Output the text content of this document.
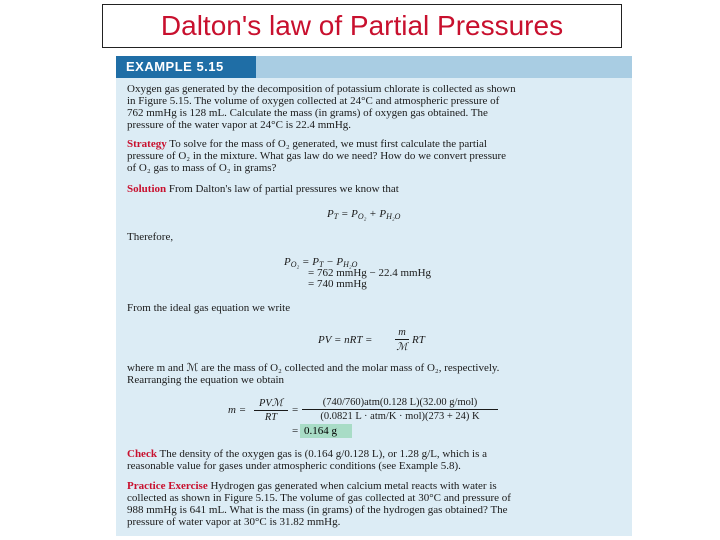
Dalton's law of Partial Pressures
EXAMPLE 5.15
Oxygen gas generated by the decomposition of potassium chlorate is collected as shown
in Figure 5.15. The volume of oxygen collected at 24°C and atmospheric pressure of
762 mmHg is 128 mL. Calculate the mass (in grams) of oxygen gas obtained. The
pressure of the water vapor at 24°C is 22.4 mmHg.
Strategy To solve for the mass of O₂ generated, we must first calculate the partial
pressure of O₂ in the mixture. What gas law do we need? How do we convert pressure
of O₂ gas to mass of O₂ in grams?
Solution From Dalton's law of partial pressures we know that
$P_T = P_{O_2} + P_{H_2O}$
Therefore,
$P_{O_2} = P_T - P_{H_2O}$
= 762 mmHg − 22.4 mmHg
= 740 mmHg
From the ideal gas equation we write
PV = nRT =
m
ℳ
RT
where m and ℳ are the mass of O₂ collected and the molar mass of O₂, respectively.
Rearranging the equation we obtain
m =
PVℳ
RT
=
(740/760)atm(0.128 L)(32.00 g/mol)
(0.0821 L · atm/K · mol)(273 + 24) K
= 0.164 g
Check The density of the oxygen gas is (0.164 g/0.128 L), or 1.28 g/L, which is a
reasonable value for gases under atmospheric conditions (see Example 5.8).
Practice Exercise Hydrogen gas generated when calcium metal reacts with water is
collected as shown in Figure 5.15. The volume of gas collected at 30°C and pressure of
988 mmHg is 641 mL. What is the mass (in grams) of the hydrogen gas obtained? The
pressure of water vapor at 30°C is 31.82 mmHg.
